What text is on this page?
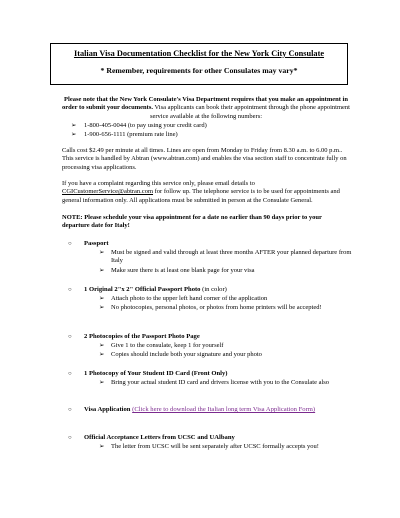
Italian Visa Documentation Checklist for the New York City Consulate
* Remember, requirements for other Consulates may vary*
Please note that the New York Consulate's Visa Department requires that you make an appointment in order to submit your documents. Visa applicants can book their appointment through the phone appointment service available at the following numbers:
➢ 1-800-405-0044 (to pay using your credit card)
➢ 1-900-656-1111 (premium rate line)
Calls cost $2.49 per minute at all times. Lines are open from Monday to Friday from 8.30 a.m. to 6.00 p.m.. This service is handled by Abtran (www.abtran.com) and enables the visa section staff to concentrate fully on processing visa applications.
If you have a complaint regarding this service only, please email details to
CGICustomerService@abtran.com for follow up. The telephone service is to be used for appointments and general information only. All applications must be submitted in person at the Consulate General.
NOTE: Please schedule your visa appointment for a date no earlier than 90 days prior to your departure date for Italy!
○ Passport
➢ Must be signed and valid through at least three months AFTER your planned departure from Italy
➢ Make sure there is at least one blank page for your visa
○ 1 Original 2"x 2" Official Passport Photo (in color)
➢ Attach photo to the upper left hand corner of the application
➢ No photocopies, personal photos, or photos from home printers will be accepted!
○ 2 Photocopies of the Passport Photo Page
➢ Give 1 to the consulate, keep 1 for yourself
➢ Copies should include both your signature and your photo
○ 1 Photocopy of Your Student ID Card (Front Only)
➢ Bring your actual student ID card and drivers license with you to the Consulate also
○ Visa Application (Click here to download the Italian long term Visa Application Form)
○ Official Acceptance Letters from UCSC and UAlbany
➢ The letter from UCSC will be sent separately after UCSC formally accepts you!
